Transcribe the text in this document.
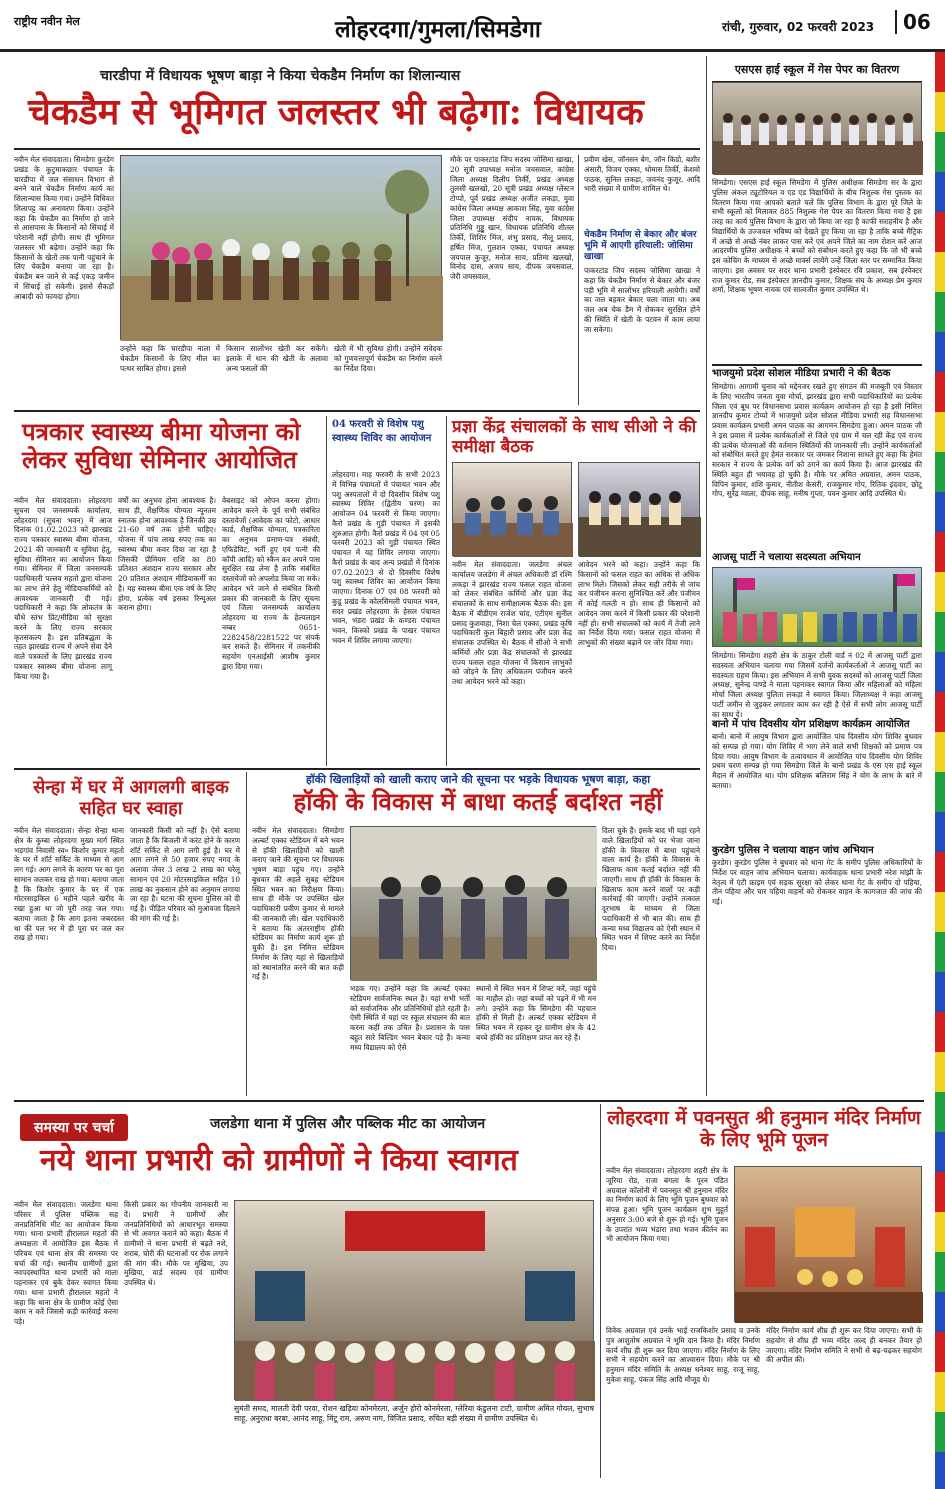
राष्ट्रीय नवीन मेल	लोहरदगा/गुमला/सिमडेगा	रांची, गुरुवार, 02 फरवरी 2023	06
चारडीपा में विधायक भूषण बाड़ा ने किया चेकडैम निर्माण का शिलान्यास
चेकडैम से भूमिगत जलस्तर भी बढ़ेगा: विधायक
नवीन मेल संवाददाता। सिमडेगा कुरडेग प्रखंड के कुटुमाकछार पंचायत के चारडीपा में जल संसाधन विभाग से बनने वाले चेकडैम निर्माण कार्य का शिलान्यास किया गया। उन्होंने विधिवत शिलापट्ट का अनावरण किया। उन्होंने कहा कि चेकडैम का निर्माण हो जाने से आसपास के किसानों को सिंचाई में परेशानी नहीं होगी। साथ ही भूमिगत जलस्तर भी बढ़ेगा। उन्होंने कहा कि किसानों के खेतों तक पानी पहुंचाने के लिए चेकडैम बनाया जा रहा है। चेकडैम बन जाने से कई एकड़ जमीन में सिंचाई हो सकेगी। इससे सैकड़ों आबादी को फायदा होगा।
उन्होंने कहा कि चारडीपा नाला में चेकडैम किसानों के लिए मील का पत्थर साबित होगा। इससे
किसान सालोंभर खेती कर सकेंगे। इलाके में धान की खेती के अलावा अन्य फसलों की
खेती में भी सुविधा होगी। उन्होंने संवेदक को गुणवत्तापूर्ण चेकडैम का निर्माण करने का निर्देश दिया।
मौके पर पाकरटांड जिप सदस्य जोसिमा खाखा, 20 सूत्री उपाध्यक्ष मनोज जयसवाल, कांग्रेस जिला अध्यक्ष दिलीप तिर्की, प्रखंड अध्यक्ष तुलसी खलखो, 20 सूत्री प्रखंड अध्यक्ष ग्लेंस्टन टोप्पो, पूर्व प्रखंड अध्यक्ष अजीत लकड़ा, युवा कांग्रेस जिला अध्यक्ष आकाश सिंह, युवा कांग्रेस जिला उपाध्यक्ष संदीप नायक, विधायक प्रतिनिधि गुड्डू खान, विधायक प्रतिनिधि शीतल तिर्की, शिशिर मिंज, शंभु प्रसाद, नीलू प्रसाद, हर्षित मिंज, गुलशन एक्का, पंचायत अध्यक्ष जयपाल कुजूर, मनोज साय, प्रतिमा खलखो, विनोद दास, अजय साय, दीपक जयसवाल, जेरी जयसवाल,
प्रवीण खेस, जॉनसन बेग, जॉन किंडो, बशीर अंसारी, विजय एक्का, थोमास तिर्की, केशवो पाठक, सुनिल लकड़ा, जयनंद कुजूर, आदि भारी संख्या में ग्रामीण शामिल थे।
चेकडैम निर्माण से बेकार और बंजर भूमि में आएगी हरियाली: जोसिमा खाखा
पाकरटांड जिप सदस्य जोसिमा खाखा ने कहा कि चेकडैम निर्माण से बेकार और बंजर पड़ी भूमि में सालोंभर हरियाली आयेगी। वर्षों का जल बहकर बेकार चला जाता था। अब जल अब चेक डैम में रोककर सुरक्षित होने की स्थिति में खेती के पटवन में काम लाया जा सकेगा।
एसएस हाई स्कूल में गेस पेपर का वितरण
सिमडेगा। एसएस हाई स्कूल सिमडेगा में पुलिस अधीक्षक सिमडेगा सर के द्वारा पुलिस अंकल ट्यूटोरियल व एड एड विद्यार्थियों के बीच निशुल्क गेस पुस्तक का वितरण किया गया आपको बताते चलें कि पुलिस विभाग के द्वारा पूरे जिले के सभी स्कूलों को मिलाकर 885 निशुल्क गेस पेपर का वितरण किया गया है इस तरह का कार्य पुलिस विभाग के द्वारा जो किया जा रहा है काफी सराहनीय है और विद्यार्थियों के उज्जवल भविष्य को देखते हुए किया जा रहा है ताकि बच्चे मैट्रिक में अच्छे से अच्छे नंबर लाकर पास करें एवं अपने जिले का नाम रोशन करें आज आदरणीय पुलिस अधीक्षक ने बच्चों को संबोधन करते हुए कहा कि जो भी बच्चे इस कोचिंग के माध्यम से अच्छे मार्क्स लायेंगे उन्हें जिला स्तर पर सम्मानित किया जाएगा। इस अवसर पर सदर थाना प्रभारी इंस्पेक्टर रवि प्रकाश, सब इंस्पेक्टर राज कुमार रोड, सब इंस्पेक्टर ज्ञानदीप कुमार, शिक्षक संघ के अध्यक्ष प्रेम कुमार शर्मा, शिक्षक भूषण नायक एवं सात्वजीत कुमार उपस्थित थे।
भाजयुमो प्रदेश सोशल मीडिया प्रभारी ने की बैठक
सिमडेगा। आगामी चुनाव को मद्देनजर रखते हुए संगठन की मजबूती एवं विस्तार के लिए भारतीय जनता युवा मोर्चा, झारखंड द्वारा सभी पदाधिकारियों का प्रत्येक जिला एवं बूथ पर विधानसभा प्रवास कार्यक्रम आयोजन हो रहा है इसी निमित्त ज्ञानदीप कुमार टोप्पो में भाजयुमो प्रदेश सोशल मीडिया प्रभारी सह विधानसभा प्रवास कार्यक्रम प्रभारी अमन पाठक का आगमन सिमडेगा हुआ। अमन पाठक जी ने इस प्रवास में प्रत्येक कार्यकर्ताओं से जिले एवं ग्राम में चल रही केंद्र एवं राज्य की प्रत्येक योजनाओं की वर्तमान स्थितियों की जानकारी ली। उन्होंने कार्यकर्ताओं को संबोधित करते हुए हेमंत सरकार पर जमकर निशाना साधते हुए कहा कि हेमंत सरकार ने राज्य के प्रत्येक वर्ग को ठगने का कार्य किया है। आज झारखंड की स्थिति बहुत ही भयावह हो चुकी है। मौके पर अमित अग्रवाल, अमन पाठक, विपिन कुमार, शशि कुमार, नीतीश केसरी, राजकुमार गोप, रितिक इंदवार, छोटू गोप, सुरेंद्र ग्वाला, दीपक साहू, मनीष गुप्ता, पवन कुमार आदि उपस्थित थे।
आजसू पार्टी ने चलाया सदस्यता अभियान
सिमडेगा। सिमडेगा शहरी क्षेत्र के ठाकुर टोली वार्ड नं 02 में आजसू पार्टी द्वारा सदस्यता अभियान चलाया गया जिसमें दर्जनों कार्यकर्ताओं ने आजसू पार्टी का सदस्यता ग्रहण किया। इस अभियान में सभी युवक सदस्यों को आजसू पार्टी जिला अध्यक्ष, सुनेन्द्र पाण्डे ने माला पहनाकर स्वागत किया और महिलाओं को महिला मोर्चा जिला अध्यक्ष पुलिता लकड़ा ने स्वागत किया। जिलाध्यक्ष ने कहा आजसू पार्टी जमीन से जुड़कर लगातार काम कर रही है ऐसे में सभी लोग आजसू पार्टी का साथ दें।
बानो में पांच दिवसीय योग प्रशिक्षण कार्यक्रम आयोजित
बानो। बानो में आयुष विभाग द्वारा आयोजित पांच दिवसीय योग शिविर बुधवार को सम्पन्न हो गया। योग शिविर में भाग लेने वाले सभी शिक्षकों को प्रमाण पत्र दिया गया। आयुष विभाग के तत्वावधान में आयोजित पांच दिवसीय योग शिविर प्रथम चरण सम्पन्न हो गया सिमडेगा जिले के बानो प्रखंड के एस एस हाई स्कूल मैदान में आयोजित था। योग प्रशिक्षक बलिराम सिंह ने योग के लाभ के बारे में बताया।
कुरडेग पुलिस ने चलाया वाहन जांच अभियान
कुरडेग। कुरडेग पुलिस ने बुधवार को थाना गेट के समीप पुलिस अधिकारियों के निर्देश पर वाहन जांच अभियान चलाया। कार्यवाहक थाना प्रभारी नरेश मांझी के नेतृत्व में एंटी क्राइम एवं सड़क सुरक्षा को लेकर थाना गेट के समीप दो पहिया, तीन पहिया और चार पहिया वाहनों को रोककर वाहन के कागजात की जांच की गई।
पत्रकार स्वास्थ्य बीमा योजना को लेकर सुविधा सेमिनार आयोजित
नवीन मेल संवाददाता। लोहरदगा सूचना एवं जनसम्पर्क कार्यालय, लोहरदगा (सूचना भवन) में आज दिनांक 01.02.2023 को झारखंड राज्य पत्रकार स्वास्थ्य बीमा योजना, 2021 की जानकारी व सुविधा हेतु, सुविधा सेमिनार का आयोजन किया गया। सेमिनार में जिला जनसम्पर्क पदाधिकारी पल्लव महतो द्वारा योजना का लाभ लेने हेतु मीडियाकर्मियों को आवश्यक जानकारी दी गई। पदाधिकारी ने कहा कि लोकतंत्र के चौथे स्तंभ प्रिंट/मीडिया को सुरक्षा करने के लिए राज्य सरकार कृतसंकल्प है। इस प्रतिबद्धता के तहत झारखंड राज्य में अपने सेवा देने वाले पत्रकारों के लिए झारखंड राज्य पत्रकार स्वास्थ्य बीमा योजना लागू किया गया है।
वर्षों का अनुभव होना आवश्यक है। साथ ही, शैक्षणिक योग्यता न्यूनतम स्नातक होना आवश्यक है जिनकी उम्र 21-60 वर्ष तक होनी चाहिए। योजना में पांच लाख रुपए तक का स्वास्थ्य बीमा कवर दिया जा रहा है जिसकी प्रीमियम राशि का 80 प्रतिशत अंशदान राज्य सरकार और 20 प्रतिशत अंशदान मीडियाकर्मी का है। यह स्वास्थ्य बीमा एक वर्ष के लिए होगा, प्रत्येक वर्ष इसका रिन्यूअल कराना होगा।
वेबसाइट को ओपन करना होगा। आवेदन करने के पूर्व सभी संबंधित दस्तावेजों (आवेदक का फोटो, आधार कार्ड, शैक्षणिक योग्यता, पत्रकारिता का अनुभव प्रमाण-पत्र संबंधी, एफिडेविट, भर्ती हुए एवं पत्नी की कॉपी आदि) को स्कैन कर अपने पास सुरक्षित रख लेना है ताकि संबंधित दस्तावेजों को अपलोड किया जा सके। आवेदन भरे जाने से संबंधित किसी प्रकार की जानकारी के लिए सूचना एवं जिला जनसम्पर्क कार्यालय लोहरदगा या राज्य के हेल्पलाइन नम्बर 0651-2282458/2281522 पर संपर्क कर सकते हैं। सेमिनार में तकनीकी सहयोग एनआईसी आशीष कुमार द्वारा दिया गया।
04 फरवरी से विशेष पशु स्वास्थ्य शिविर का आयोजन
लोहरदगा। माह फरवरी के सभी 2023 में विभिन्न पंचायतों में पंचायत भवन और पशु अस्पतालों में दो दिवसीय विशेष पशु स्वास्थ्य शिविर (द्वितीय चरण) का आयोजन 04 फरवरी से किया जाएगा। कैरो प्रखंड के गुड़ी पंचायत में इसकी शुरुआत होगी। कैरो प्रखंड में 04 एवं 05 फरवरी 2023 को गुड़ी पंचायत स्थित पंचायत में यह शिविर लगाया जाएगा। कैरो प्रखंड के बाद अन्य प्रखंडों में दिनांक 07.02.2023 से दो दिवसीय विशेष पशु स्वास्थ्य शिविर का आयोजन किया जाएगा। दिनांक 07 एवं 08 फरवरी को कुडू प्रखंड के कोलसिमली पंचायत भवन, सदर प्रखंड लोहरदगा के हेसल पंचायत भवन, भंडरा प्रखंड के कण्डरा पंचायत भवन, किस्को प्रखंड के पाखर पंचायत भवन में शिविर लगाया जाएगा।
प्रज्ञा केंद्र संचालकों के साथ सीओ ने की समीक्षा बैठक
नवीन मेल संवाददाता। जलडेगा अंचल कार्यालय जलडेगा में अंचल अधिकारी डॉ रश्मि लकड़ा ने झारखंड राज्य फसल राहत योजना को लेकर संबंधित कर्मियों और प्रज्ञा केंद्र संचालकों के साथ समीक्षात्मक बैठक की। इस बैठक में बीडीएम राजेश चांद, एटीएम सुनील प्रसाद कुशवाहा, निशा चेल एक्का, प्रखंड कृषि पदाधिकारी कुल बिहारी प्रसाद और प्रज्ञा केंद्र संचालक उपस्थित थे। बैठक में सीओ ने सभी कर्मियों और प्रज्ञा केंद्र संचालकों से झारखंड राज्य फसल राहत योजना में किसान लाभुकों को जोड़ने के लिए अधिकतम पंजीयन करने तथा आवेदन भरने को कहा।
आवेदन भरने को कहा। उन्होंने कहा कि किसानों को फसल राहत का अधिक से अधिक लाभ मिले। जिसको लेकर सही तरीके से जांच कर पंजीयन करना सुनिश्चित करें और पंजीयन में कोई गलती न हो। साथ ही किसानों को आवेदन जमा करने में किसी प्रकार की परेशानी नहीं हो। सभी संचालकों को कार्य में तेजी लाने का निर्देश दिया गया। फसल राहत योजना में लाभुकों की संख्या बढ़ाने पर जोर दिया गया।
सेन्हा में घर में आगलगी बाइक सहित घर स्वाहा
नवीन मेल संवाददाता। सेन्हा सेन्हा थाना क्षेत्र के कुम्बा लोहरदगा मुख्य मार्ग स्थित भड़गांव निवासी स्व० किशोर कुमार महतो के घर में शॉर्ट सर्किट के माध्यम से आग लग गई। आग लगने के कारण घर का पूरा सामान जलकर राख हो गया। बताया जाता है कि किशोर कुमार के घर में एक मोटरसाइकिल 6 महीने पहले खरीद के रखा हुआ था जो पूरी तरह जल गया। बताया जाता है कि आग इतना जबरदस्त था की पल भर में ही पूरा घर जल कर राख हो गया।
जानकारी किसी को नहीं है। ऐसे बताया जाता है कि बिजली में करंट होने के कारण शॉर्ट सर्किट से आग लगी हुई है। घर में आग लगने से 50 हजार रुपए नगद के अलावा जेवर 3 लाख 2 लाख का घरेलू सामान एवं 20 मोटरसाइकिल सहित 10 लाख का नुकसान होने का अनुमान लगाया जा रहा है। घटना की सूचना पुलिस को दी गई है। पीड़ित परिवार को मुआवजा दिलाने की मांग की गई है।
हॉकी खिलाड़ियों को खाली कराए जाने की सूचना पर भड़के विधायक भूषण बाड़ा, कहा
हॉकी के विकास में बाधा कतई बर्दाश्त नहीं
नवीन मेल संवाददाता। सिमडेगा अल्बर्ट एक्का स्टेडियम में बने भवन से हॉकी खिलाड़ियों को खाली कराए जाने की सूचना पर विधायक भूषण बाड़ा पहुंच गए। उन्होंने बुधवार की अहले सुबह स्टेडियम स्थित भवन का निरीक्षण किया। साथ ही मौके पर उपस्थित खेल पदाधिकारी प्रवीण कुमार से मामले की जानकारी ली। खेल पदाधिकारी ने बताया कि अंतरराष्ट्रीय हॉकी स्टेडियम का निर्माण कार्य शुरू हो चुकी है। इस निमित्त स्टेडियम निर्माण के लिए यहां से खिलाड़ियों को स्थानांतरित करने की बात कही गई है।
भड़क गए। उन्होंने कहा कि अल्बर्ट एक्का स्टेडियम सार्वजनिक स्थल है। यहां सभी भर्ती को सर्वाजनिक और प्रतिनिधियों होते रहती है। ऐसी स्थिति में यहां पर स्कूल संचालन की बात करना कहीं तक उचित है। प्रशासन के पास बहुत सारे बिल्डिंग भवन बेकार पड़े हैं। कन्या मध्य विद्यालय को ऐसे
स्थानों में स्थित भवन में शिफ्ट करें, जहां पहुंचे का माहौल हो। जहां बच्चों को पढ़ने में भी मन लगे। उन्होंने कहा कि सिमडेगा की पहचान हॉकी से मिली है। अल्बर्ट एक्का स्टेडियम में स्थित भवन में रहकर दूर ग्रामीण क्षेत्र के 42 बच्चे हॉकी का प्रशिक्षण प्राप्त कर रहे हैं।
दिला चुके हैं। इसके बाद भी यहां रहने वाले खिलाड़ियों को घर भेजा जाना हॉकी के विकास में बाधा पहुंचाने वाला कार्य है। हॉकी के विकास के खिलाफ काम कतई बर्दाश्त नहीं की जाएगी। साथ ही हॉकी के विकास के खिलाफ काम करने वालों पर कड़ी कार्रवाई की जाएगी। उन्होंने तत्काल दूरभाष के माध्यम से जिला पदाधिकारी से भी बात की। साथ ही कन्या मध्य विद्यालय को ऐसी स्थान में स्थित भवन में शिफ्ट करने का निर्देश दिया।
समस्या पर चर्चा	जलडेगा थाना में पुलिस और पब्लिक मीट का आयोजन
नये थाना प्रभारी को ग्रामीणों ने किया स्वागत
नवीन मेल संवाददाता। जलडेगा थाना परिसर में पुलिस पब्लिक सह जनप्रतिनिधि मीट का आयोजन किया गया। थाना प्रभारी हीरालाल महतो की अध्यक्षता में आयोजित इस बैठक में परिचय एवं थाना क्षेत्र की समस्या पर चर्चा की गई। स्थानीय ग्रामीणों द्वारा नवपदस्थापित थाना प्रभारी को माला पहनाकर एवं बुके देकर स्वागत किया गया। थाना प्रभारी हीरालाल महतो ने कहा कि थाना क्षेत्र के ग्रामीण कोई ऐसा काम न करें जिससे कड़ी कार्रवाई करना पड़े।
किसी प्रकार का गोपनीय जानकारी ना दें। प्रभारी ने ग्रामीणों और जनप्रतिनिधियों को आधारभूत समस्या से भी अवगत कराने को कहा। बैठक में ग्रामीणों ने थाना प्रभारी से बढ़ते नशे, शराब, चोरी की घटनाओं पर रोक लगाने की मांग की। मौके पर मुखिया, उप मुखिया, वार्ड सदस्य एवं ग्रामीण उपस्थित थे।
सुमंती समद, मालती देवी परवा, रोशन खड़िया कोनमेरला, अर्जुन होरो कोनमेरला, ग्लेरिया कंडुलना टाटी, ग्रामीण अमित गोयल, सुभाष साहू, अनुराधा बरबा, आनंद साहू, मिंटू राम, अरुण नाग, विजित प्रसाद, रुचित बड़ी संख्या में ग्रामीण उपस्थित थे।
लोहरदगा में पवनसुत श्री हनुमान मंदिर निर्माण के लिए भूमि पूजन
नवीन मेल संवाददाता। लोहरदगा शहरी क्षेत्र के जूरिया रोड, राजा बंगला के पूरन पंडित अग्रवाल कॉलोनी में पवनसुत श्री हनुमान मंदिर का निर्माण कार्य के लिए भूमि पूजन बुधवार को संपन्न हुआ। भूमि पूजन कार्यक्रम शुभ मुहूर्त अनुसार 3:00 बजे से शुरू हो गई। भूमि पूजन के उपरांत भव्य भंडारा तथा भजन कीर्तन का भी आयोजन किया गया।
विवेक अग्रवाल एवं उनके भाई राजकिशोर प्रसाद व उनके पुत्र आशुतोष अग्रवाल ने भूमि दान किया है। मंदिर निर्माण कार्य शीघ्र ही शुरू कर दिया जाएगा। मंदिर निर्माण के लिए सभी ने सहयोग करने का आश्वासन दिया। मौके पर श्री हनुमान मंदिर समिति के अध्यक्ष धनेश्वर साहू, राजू साहू, मुकेश साहू, पंकज सिंह आदि मौजूद थे।
मंदिर निर्माण कार्य शीघ्र ही शुरू कर दिया जाएगा। सभी के सहयोग से शीघ्र ही भव्य मंदिर जल्द ही बनकर तैयार हो जाएगा। मंदिर निर्माण समिति ने सभी से बढ़-चढ़कर सहयोग की अपील की।
